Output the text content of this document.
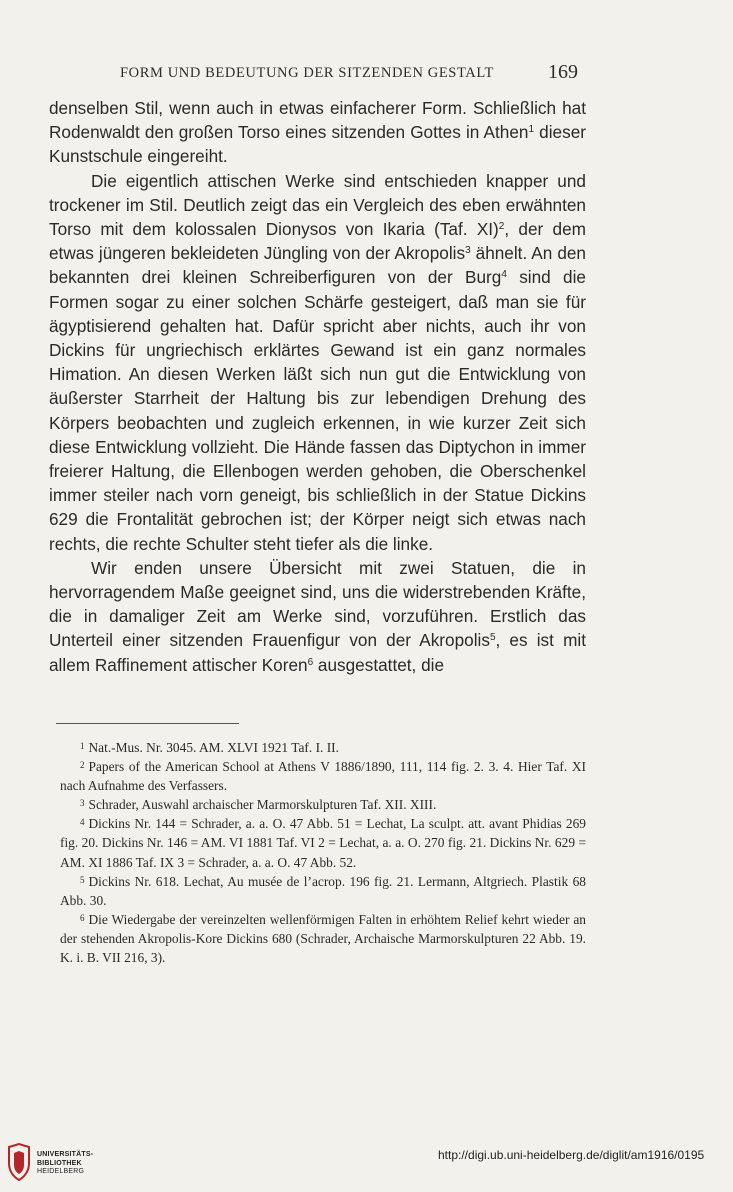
FORM UND BEDEUTUNG DER SITZENDEN GESTALT	169

denselben Stil, wenn auch in etwas einfacherer Form. Schließlich hat Rodenwaldt den großen Torso eines sitzenden Gottes in Athen$^1$ dieser Kunstschule eingereiht.

Die eigentlich attischen Werke sind entschieden knapper und trockener im Stil. Deutlich zeigt das ein Vergleich des eben erwähnten Torso mit dem kolossalen Dionysos von Ikaria (Taf. XI)$^2$, der dem etwas jüngeren bekleideten Jüngling von der Akropolis$^3$ ähnelt. An den bekannten drei kleinen Schreiberfiguren von der Burg$^4$ sind die Formen sogar zu einer solchen Schärfe gesteigert, daß man sie für ägyptisierend gehalten hat. Dafür spricht aber nichts, auch ihr von Dickins für ungriechisch erklärtes Gewand ist ein ganz normales Himation. An diesen Werken läßt sich nun gut die Entwicklung von äußerster Starrheit der Haltung bis zur lebendigen Drehung des Körpers beobachten und zugleich erkennen, in wie kurzer Zeit sich diese Entwicklung vollzieht. Die Hände fassen das Diptychon in immer freierer Haltung, die Ellenbogen werden gehoben, die Oberschenkel immer steiler nach vorn geneigt, bis schließlich in der Statue Dickins 629 die Frontalität gebrochen ist; der Körper neigt sich etwas nach rechts, die rechte Schulter steht tiefer als die linke.

Wir enden unsere Übersicht mit zwei Statuen, die in hervorragendem Maße geeignet sind, uns die widerstrebenden Kräfte, die in damaliger Zeit am Werke sind, vorzuführen. Erstlich das Unterteil einer sitzenden Frauenfigur von der Akropolis$^5$, es ist mit allem Raffinement attischer Koren$^6$ ausgestattet, die

$^1$ Nat.-Mus. Nr. 3045. AM. XLVI 1921 Taf. I. II.

$^2$ Papers of the American School at Athens V 1886/1890, 111, 114 fig. 2. 3. 4. Hier Taf. XI nach Aufnahme des Verfassers.

$^3$ Schrader, Auswahl archaischer Marmorskulpturen Taf. XII. XIII.

$^4$ Dickins Nr. 144 = Schrader, a. a. O. 47 Abb. 51 = Lechat, La sculpt. att. avant Phidias 269 fig. 20. Dickins Nr. 146 = AM. VI 1881 Taf. VI 2 = Lechat, a. a. O. 270 fig. 21. Dickins Nr. 629 = AM. XI 1886 Taf. IX 3 = Schrader, a. a. O. 47 Abb. 52.

$^5$ Dickins Nr. 618. Lechat, Au musée de l’acrop. 196 fig. 21. Lermann, Altgriech. Plastik 68 Abb. 30.

$^6$ Die Wiedergabe der vereinzelten wellenförmigen Falten in erhöhtem Relief kehrt wieder an der stehenden Akropolis-Kore Dickins 680 (Schrader, Archaische Marmorskulpturen 22 Abb. 19. K. i. B. VII 216, 3).

UNIVERSITÄTS-
BIBLIOTHEK
HEIDELBERG
http://digi.ub.uni-heidelberg.de/diglit/am1916/0195
